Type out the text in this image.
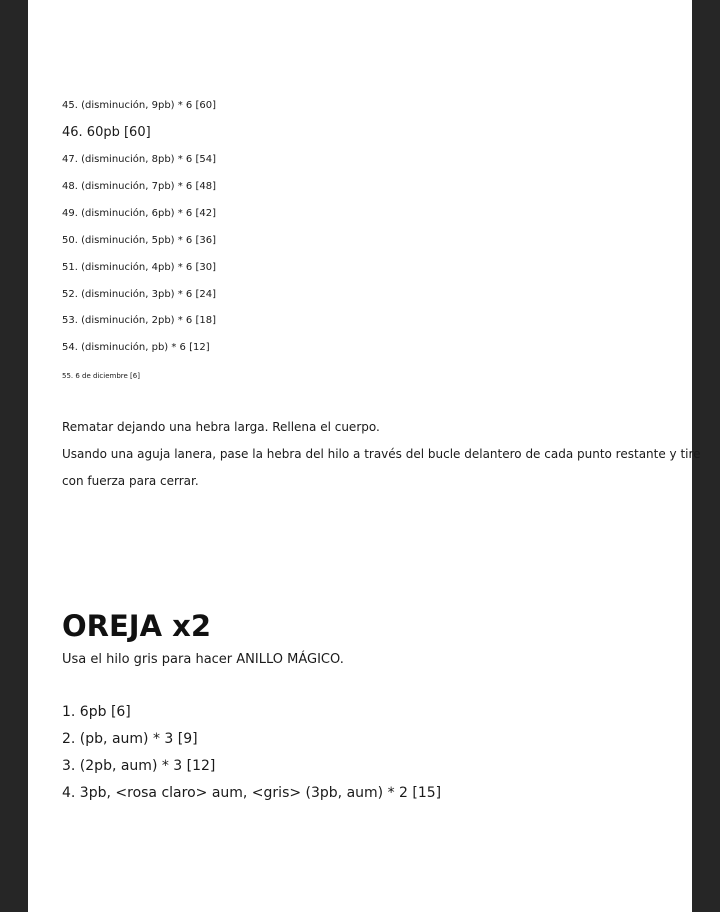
45. (disminución, 9pb) * 6 [60]
46. 60pb [60]
47. (disminución, 8pb) * 6 [54]
48. (disminución, 7pb) * 6 [48]
49. (disminución, 6pb) * 6 [42]
50. (disminución, 5pb) * 6 [36]
51. (disminución, 4pb) * 6 [30]
52. (disminución, 3pb) * 6 [24]
53. (disminución, 2pb) * 6 [18]
54. (disminución, pb) * 6 [12]
55. 6 de diciembre [6]
Rematar dejando una hebra larga. Rellena el cuerpo.
Usando una aguja lanera, pase la hebra del hilo a través del bucle delantero de cada punto restante y tire
con fuerza para cerrar.
OREJA x2
Usa el hilo gris para hacer ANILLO MÁGICO.
1. 6pb [6]
2. (pb, aum) * 3 [9]
3. (2pb, aum) * 3 [12]
4. 3pb, <rosa claro> aum, <gris> (3pb, aum) * 2 [15]
